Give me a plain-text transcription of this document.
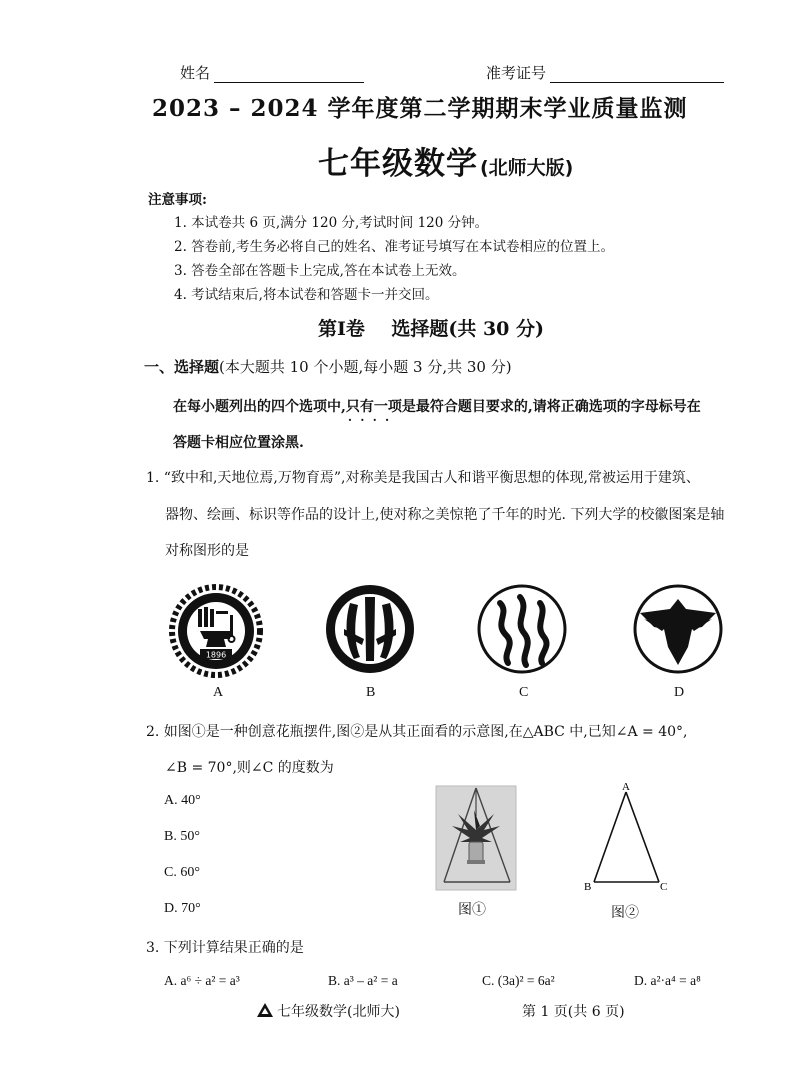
姓名	准考证号
2023 – 2024 学年度第二学期期末学业质量监测
七年级数学 (北师大版)
注意事项:
1. 本试卷共 6 页,满分 120 分,考试时间 120 分钟。
2. 答卷前,考生务必将自己的姓名、准考证号填写在本试卷相应的位置上。
3. 答卷全部在答题卡上完成,答在本试卷上无效。
4. 考试结束后,将本试卷和答题卡一并交回。
第Ⅰ卷    选择题(共 30 分)
一、选择题(本大题共 10 个小题,每小题 3 分,共 30 分)
在每小题列出的四个选项中,只有一项 · · · ·是最符合题目要求的,请将正确选项的字母标号在
答题卡相应位置涂黑.
1. “致中和,天地位焉,万物育焉”,对称美是我国古人和谐平衡思想的体现,常被运用于建筑、
器物、绘画、标识等作品的设计上,使对称之美惊艳了千年的时光. 下列大学的校徽图案是轴
对称图形的是
1896
A	B	C	D
2. 如图①是一种创意花瓶摆件,图②是从其正面看的示意图,在△ABC 中,已知∠A = 40°,
∠B = 70°,则∠C 的度数为
A. 40°
B. 50°
C. 60°
D. 70°	图①
A
B	C
图②
3. 下列计算结果正确的是
A. a⁶ ÷ a² = a³	B. a³ – a² = a	C. (3a)² = 6a²	D. a²·a⁴ = a⁸
七年级数学(北师大)	第 1 页(共 6 页)
